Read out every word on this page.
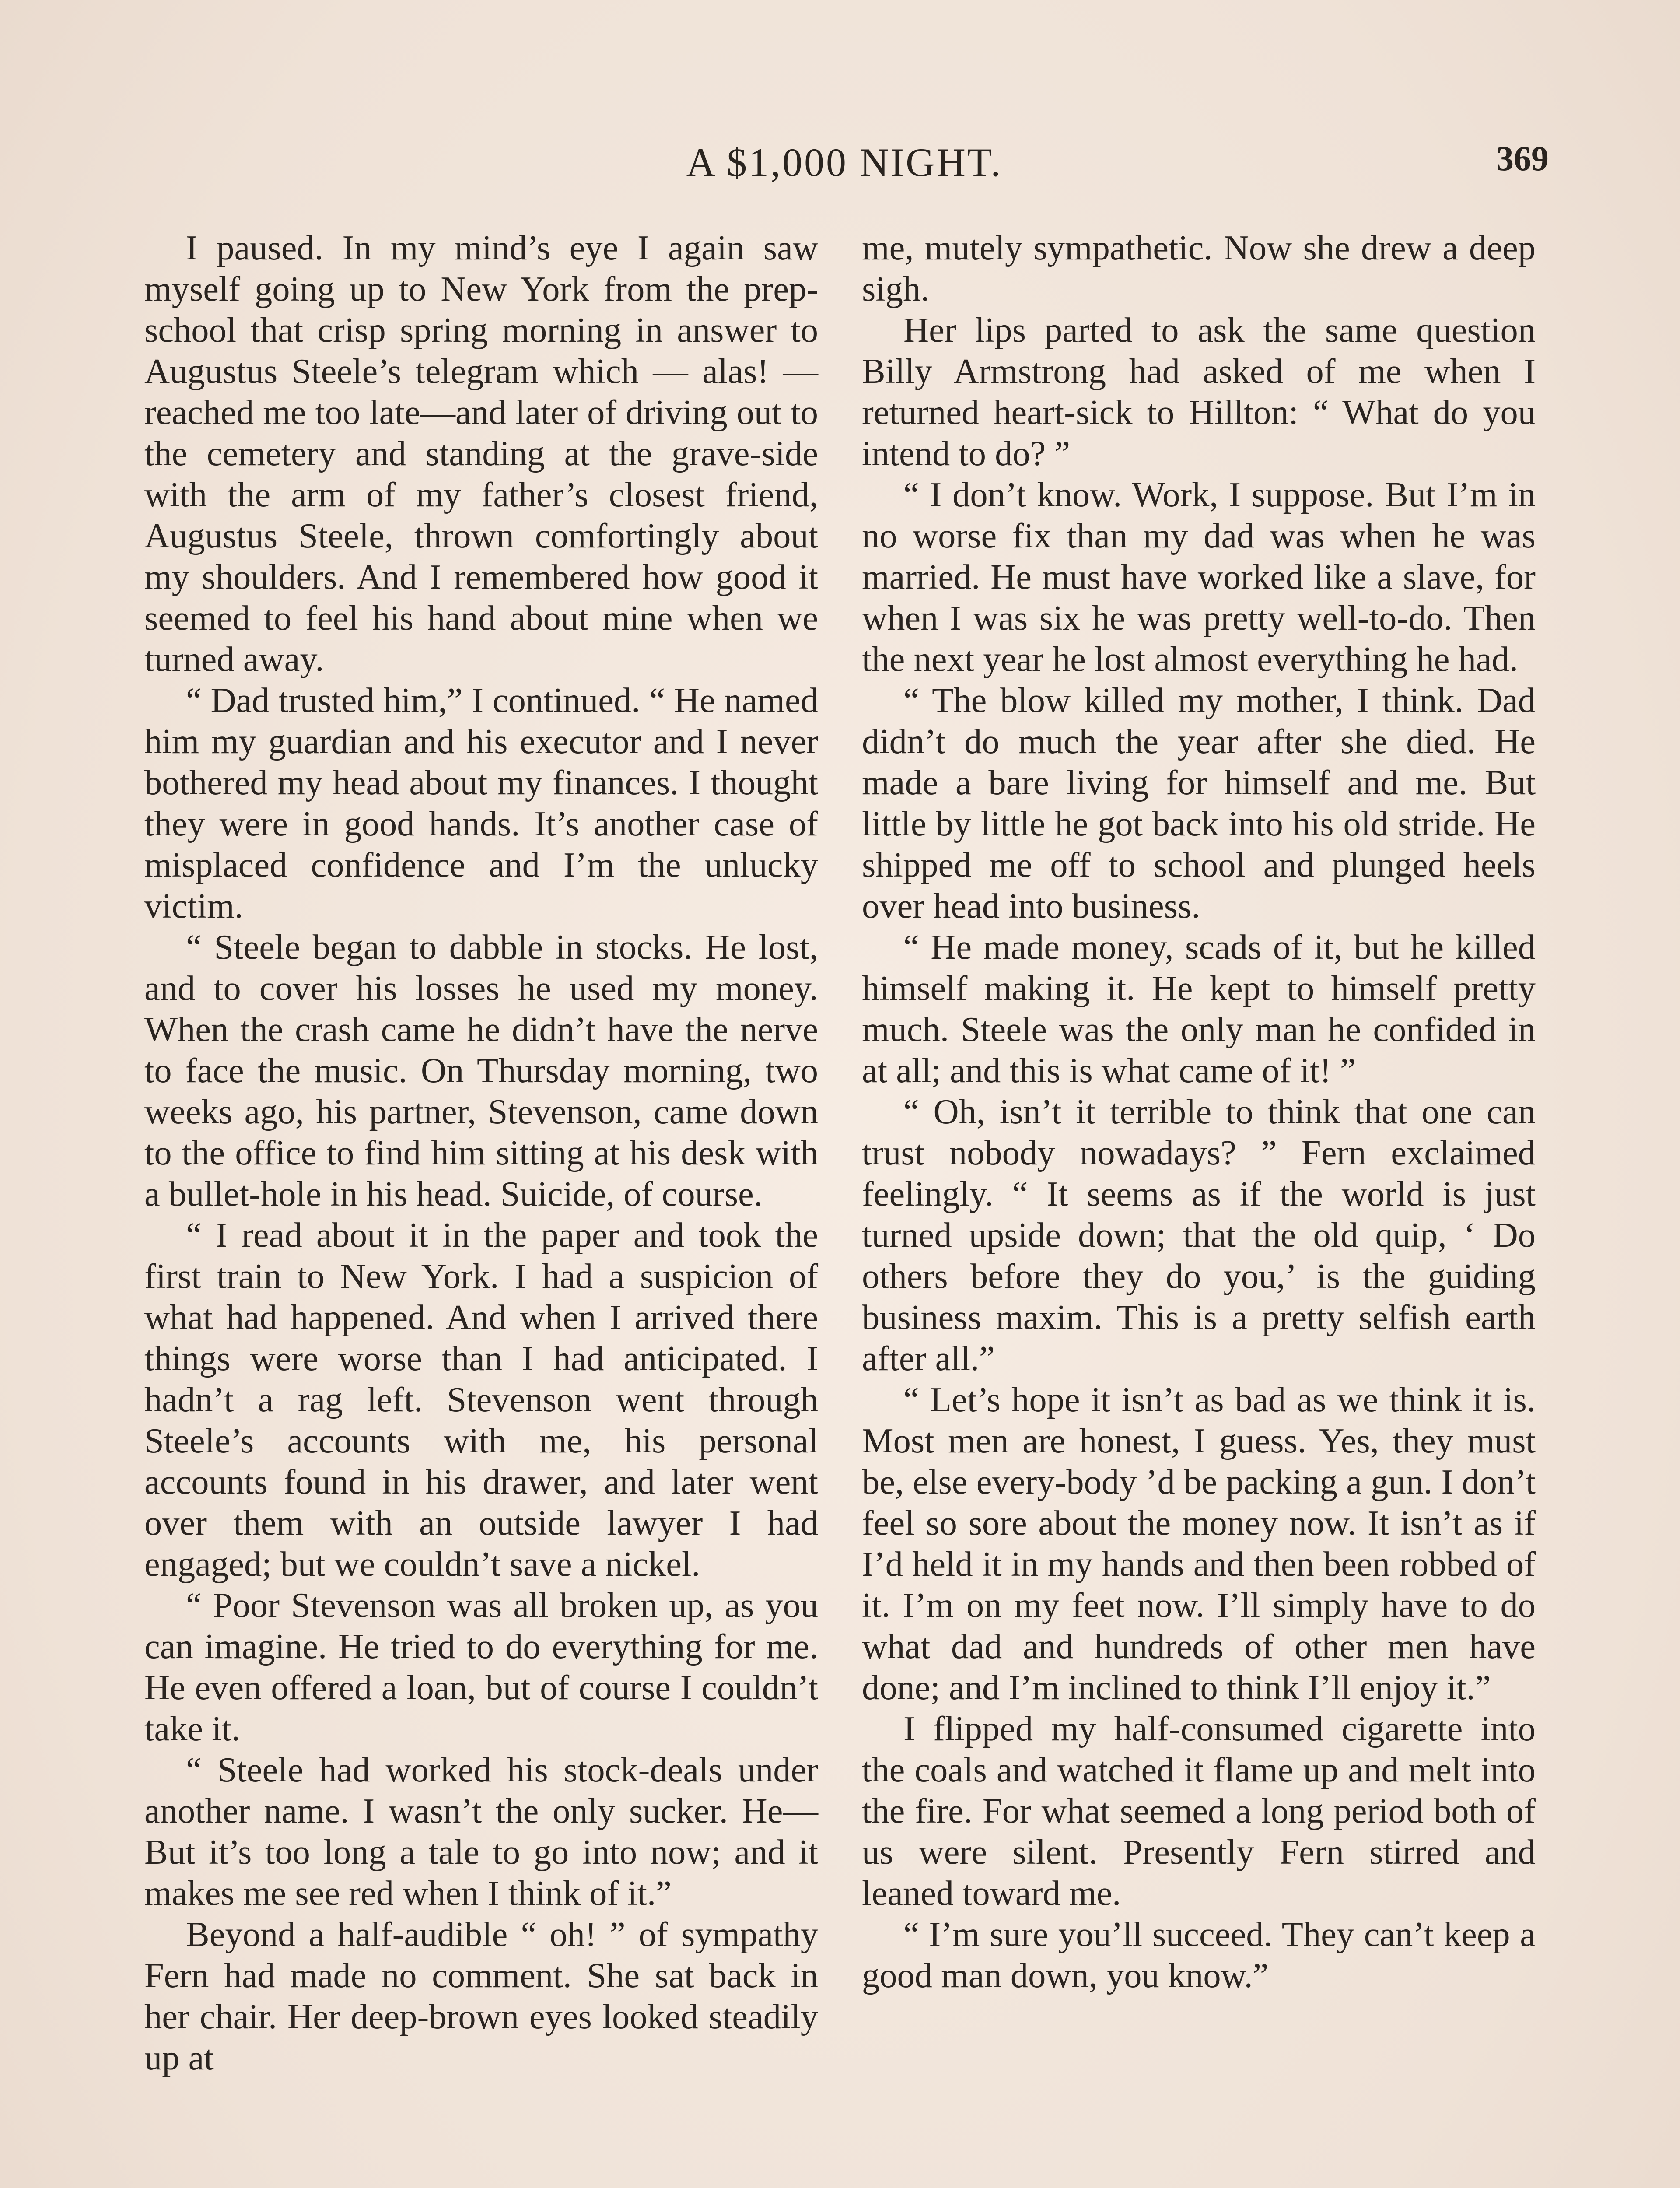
A $1,000 NIGHT.	369

I paused. In my mind’s eye I again saw myself going up to New York from the prep-school that crisp spring morning in answer to Augustus Steele’s telegram which — alas! — reached me too late—and later of driving out to the cemetery and standing at the grave-side with the arm of my father’s closest friend, Augustus Steele, thrown comfortingly about my shoulders. And I remembered how good it seemed to feel his hand about mine when we turned away.

“ Dad trusted him,” I continued. “ He named him my guardian and his executor and I never bothered my head about my finances. I thought they were in good hands. It’s another case of misplaced confidence and I’m the unlucky victim.

“ Steele began to dabble in stocks. He lost, and to cover his losses he used my money. When the crash came he didn’t have the nerve to face the music. On Thursday morning, two weeks ago, his partner, Stevenson, came down to the office to find him sitting at his desk with a bullet-hole in his head. Suicide, of course.

“ I read about it in the paper and took the first train to New York. I had a suspicion of what had happened. And when I arrived there things were worse than I had anticipated. I hadn’t a rag left. Stevenson went through Steele’s accounts with me, his personal accounts found in his drawer, and later went over them with an outside lawyer I had engaged; but we couldn’t save a nickel.

“ Poor Stevenson was all broken up, as you can imagine. He tried to do everything for me. He even offered a loan, but of course I couldn’t take it.

“ Steele had worked his stock-deals under another name. I wasn’t the only sucker. He— But it’s too long a tale to go into now; and it makes me see red when I think of it.”

Beyond a half-audible “ oh! ” of sympathy Fern had made no comment. She sat back in her chair. Her deep-brown eyes looked steadily up at

me, mutely sympathetic. Now she drew a deep sigh.

Her lips parted to ask the same question Billy Armstrong had asked of me when I returned heart-sick to Hillton: “ What do you intend to do? ”

“ I don’t know. Work, I suppose. But I’m in no worse fix than my dad was when he was married. He must have worked like a slave, for when I was six he was pretty well-to-do. Then the next year he lost almost everything he had.

“ The blow killed my mother, I think. Dad didn’t do much the year after she died. He made a bare living for himself and me. But little by little he got back into his old stride. He shipped me off to school and plunged heels over head into business.

“ He made money, scads of it, but he killed himself making it. He kept to himself pretty much. Steele was the only man he confided in at all; and this is what came of it! ”

“ Oh, isn’t it terrible to think that one can trust nobody nowadays? ” Fern exclaimed feelingly. “ It seems as if the world is just turned upside down; that the old quip, ‘ Do others before they do you,’ is the guiding business maxim. This is a pretty selfish earth after all.”

“ Let’s hope it isn’t as bad as we think it is. Most men are honest, I guess. Yes, they must be, else every-body ’d be packing a gun. I don’t feel so sore about the money now. It isn’t as if I’d held it in my hands and then been robbed of it. I’m on my feet now. I’ll simply have to do what dad and hundreds of other men have done; and I’m inclined to think I’ll enjoy it.”

I flipped my half-consumed cigarette into the coals and watched it flame up and melt into the fire. For what seemed a long period both of us were silent. Presently Fern stirred and leaned toward me.

“ I’m sure you’ll succeed. They can’t keep a good man down, you know.”
